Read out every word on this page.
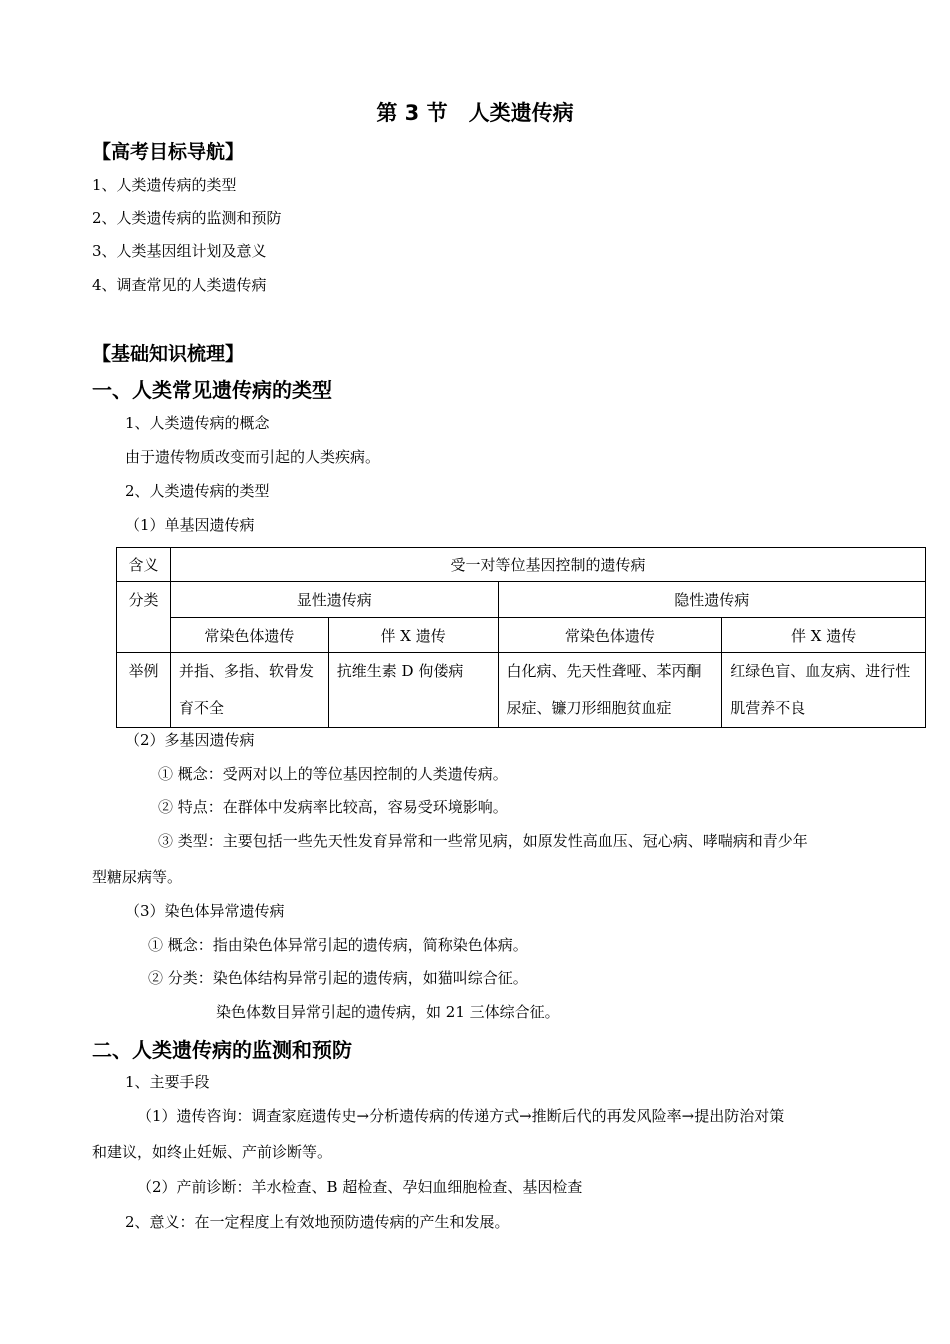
第 3 节　人类遗传病
【高考目标导航】
1、人类遗传病的类型
2、人类遗传病的监测和预防
3、人类基因组计划及意义
4、调查常见的人类遗传病
【基础知识梳理】
一、人类常见遗传病的类型
1、人类遗传病的概念
由于遗传物质改变而引起的人类疾病。
2、人类遗传病的类型
（1）单基因遗传病
含义	受一对等位基因控制的遗传病			
分类	显性遗传病		隐性遗传病	
	常染色体遗传	伴 X 遗传	常染色体遗传	伴 X 遗传
举例	并指、多指、软骨发育不全	抗维生素 D 佝偻病	白化病、先天性聋哑、苯丙酮尿症、镰刀形细胞贫血症	红绿色盲、血友病、进行性肌营养不良
（2）多基因遗传病
① 概念：受两对以上的等位基因控制的人类遗传病。
② 特点：在群体中发病率比较高，容易受环境影响。
③ 类型：主要包括一些先天性发育异常和一些常见病，如原发性高血压、冠心病、哮喘病和青少年
型糖尿病等。
（3）染色体异常遗传病
① 概念：指由染色体异常引起的遗传病，简称染色体病。
② 分类：染色体结构异常引起的遗传病，如猫叫综合征。
染色体数目异常引起的遗传病，如 21 三体综合征。
二、人类遗传病的监测和预防
1、主要手段
（1）遗传咨询：调查家庭遗传史→分析遗传病的传递方式→推断后代的再发风险率→提出防治对策
和建议，如终止妊娠、产前诊断等。
（2）产前诊断：羊水检查、B 超检查、孕妇血细胞检查、基因检查
2、意义：在一定程度上有效地预防遗传病的产生和发展。
